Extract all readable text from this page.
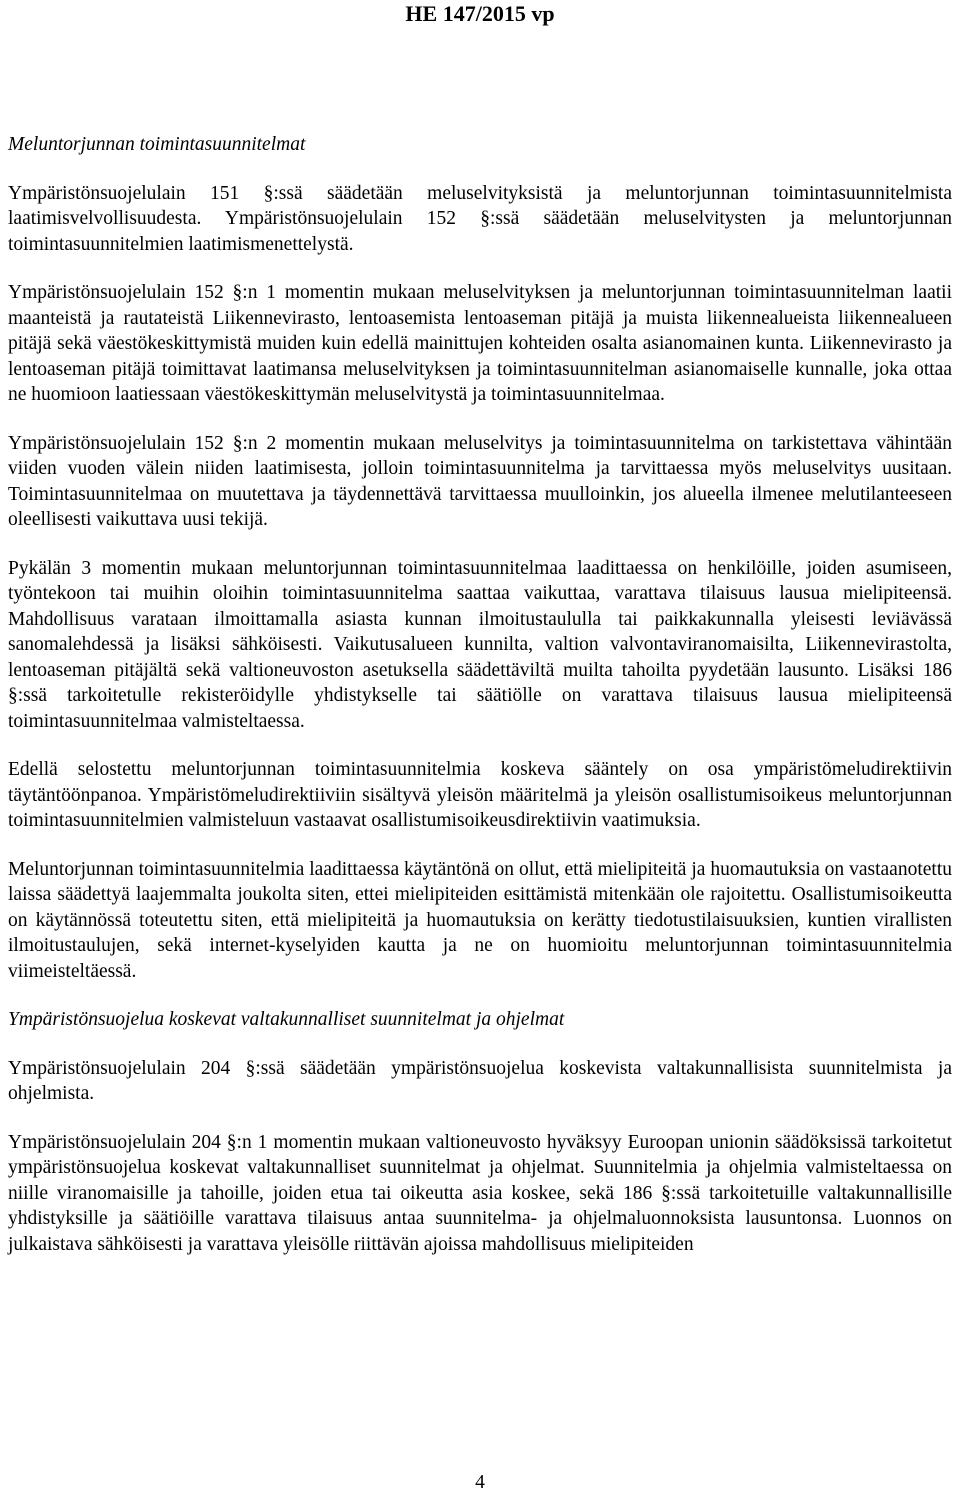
HE 147/2015 vp

Meluntorjunnan toimintasuunnitelmat

Ympäristönsuojelulain 151 §:ssä säädetään meluselvityksistä ja meluntorjunnan toimintasuunnitelmista laatimisvelvollisuudesta. Ympäristönsuojelulain 152 §:ssä säädetään meluselvitysten ja meluntorjunnan toimintasuunnitelmien laatimismenettelystä.

Ympäristönsuojelulain 152 §:n 1 momentin mukaan meluselvityksen ja meluntorjunnan toimintasuunnitelman laatii maanteistä ja rautateistä Liikennevirasto, lentoasemista lentoaseman pitäjä ja muista liikennealueista liikennealueen pitäjä sekä väestökeskittymistä muiden kuin edellä mainittujen kohteiden osalta asianomainen kunta. Liikennevirasto ja lentoaseman pitäjä toimittavat laatimansa meluselvityksen ja toimintasuunnitelman asianomaiselle kunnalle, joka ottaa ne huomioon laatiessaan väestökeskittymän meluselvitystä ja toimintasuunnitelmaa.

Ympäristönsuojelulain 152 §:n 2 momentin mukaan meluselvitys ja toimintasuunnitelma on tarkistettava vähintään viiden vuoden välein niiden laatimisesta, jolloin toimintasuunnitelma ja tarvittaessa myös meluselvitys uusitaan. Toimintasuunnitelmaa on muutettava ja täydennettävä tarvittaessa muulloinkin, jos alueella ilmenee melutilanteeseen oleellisesti vaikuttava uusi tekijä.

Pykälän 3 momentin mukaan meluntorjunnan toimintasuunnitelmaa laadittaessa on henkilöille, joiden asumiseen, työntekoon tai muihin oloihin toimintasuunnitelma saattaa vaikuttaa, varattava tilaisuus lausua mielipiteensä. Mahdollisuus varataan ilmoittamalla asiasta kunnan ilmoitustaululla tai paikkakunnalla yleisesti leviävässä sanomalehdessä ja lisäksi sähköisesti. Vaikutusalueen kunnilta, valtion valvontaviranomaisilta, Liikennevirastolta, lentoaseman pitäjältä sekä valtioneuvoston asetuksella säädettäviltä muilta tahoilta pyydetään lausunto. Lisäksi 186 §:ssä tarkoitetulle rekisteröidylle yhdistykselle tai säätiölle on varattava tilaisuus lausua mielipiteensä toimintasuunnitelmaa valmisteltaessa.

Edellä selostettu meluntorjunnan toimintasuunnitelmia koskeva sääntely on osa ympäristömeludirektiivin täytäntöönpanoa. Ympäristömeludirektiiviin sisältyvä yleisön määritelmä ja yleisön osallistumisoikeus meluntorjunnan toimintasuunnitelmien valmisteluun vastaavat osallistumisoikeusdirektiivin vaatimuksia.

Meluntorjunnan toimintasuunnitelmia laadittaessa käytäntönä on ollut, että mielipiteitä ja huomautuksia on vastaanotettu laissa säädettyä laajemmalta joukolta siten, ettei mielipiteiden esittämistä mitenkään ole rajoitettu. Osallistumisoikeutta on käytännössä toteutettu siten, että mielipiteitä ja huomautuksia on kerätty tiedotustilaisuuksien, kuntien virallisten ilmoitustaulujen, sekä internet-kyselyiden kautta ja ne on huomioitu meluntorjunnan toimintasuunnitelmia viimeisteltäessä.

Ympäristönsuojelua koskevat valtakunnalliset suunnitelmat ja ohjelmat

Ympäristönsuojelulain 204 §:ssä säädetään ympäristönsuojelua koskevista valtakunnallisista suunnitelmista ja ohjelmista.

Ympäristönsuojelulain 204 §:n 1 momentin mukaan valtioneuvosto hyväksyy Euroopan unionin säädöksissä tarkoitetut ympäristönsuojelua koskevat valtakunnalliset suunnitelmat ja ohjelmat. Suunnitelmia ja ohjelmia valmisteltaessa on niille viranomaisille ja tahoille, joiden etua tai oikeutta asia koskee, sekä 186 §:ssä tarkoitetuille valtakunnallisille yhdistyksille ja säätiöille varattava tilaisuus antaa suunnitelma- ja ohjelmaluonnoksista lausuntonsa. Luonnos on julkaistava sähköisesti ja varattava yleisölle riittävän ajoissa mahdollisuus mielipiteiden

4
